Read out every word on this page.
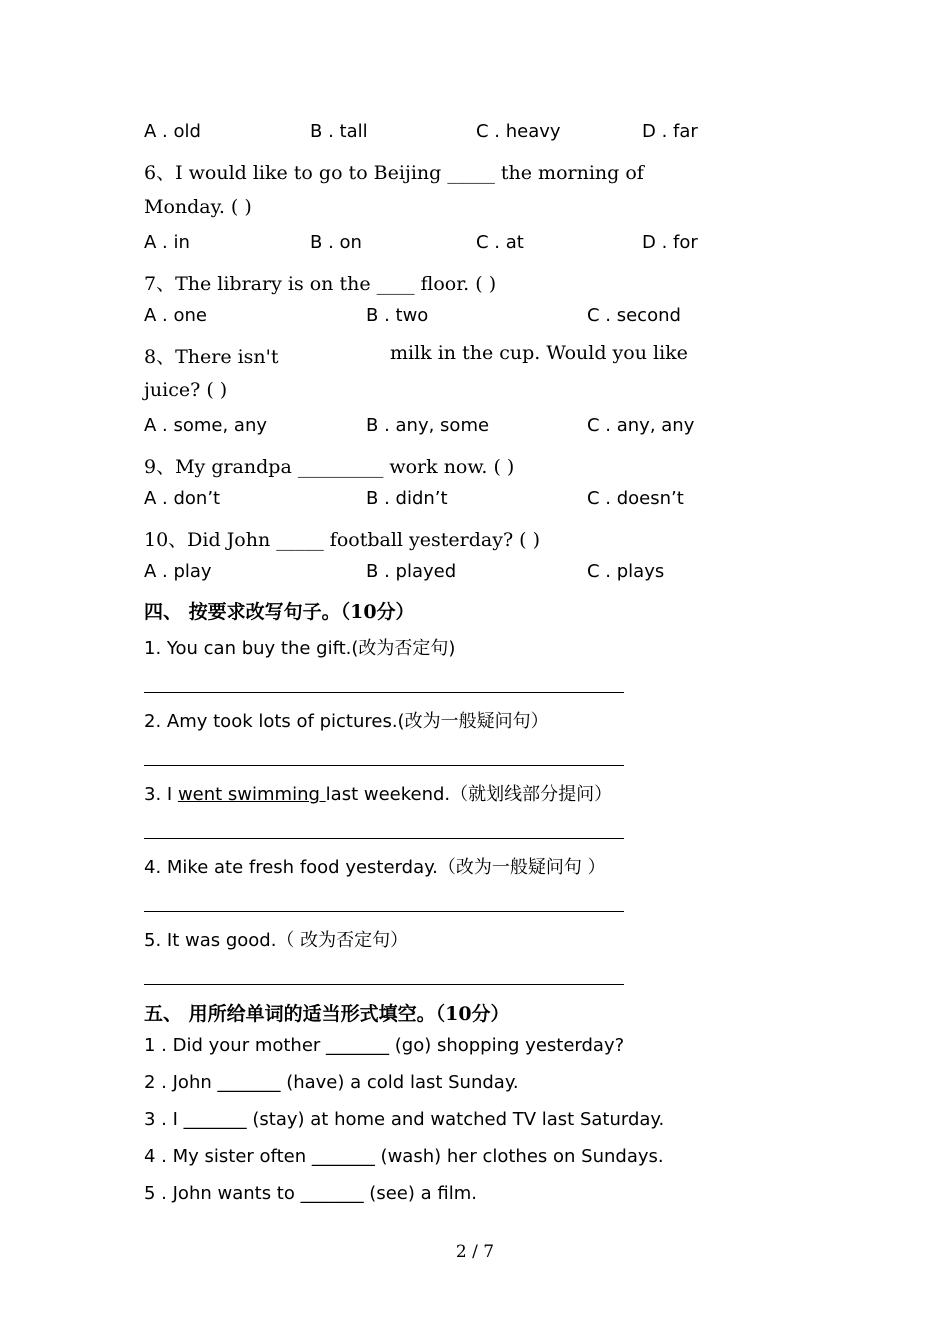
A . old	B . tall	C . heavy	D . far
6、I would like to go to Beijing _____ the morning of
Monday. ( )
A . in	B . on	C . at	D . for
7、The library is on the ____ floor. ( )
A . one	B . two	C . second
8、There isn't	milk in the cup. Would you like
juice? ( )
A . some, any	B . any, some	C . any, any
9、My grandpa _________ work now. ( )
A . don’t	B . didn’t	C . doesn’t
10、Did John _____ football yesterday? ( )
A . play	B . played	C . plays
四、 按要求改写句子。（10分）
1. You can buy the gift.(改为否定句)
2. Amy took lots of pictures.(改为一般疑问句）
3. I went swimming last weekend.（就划线部分提问）
4. Mike ate fresh food yesterday.（改为一般疑问句 ）
5. It was good.（ 改为否定句）
五、 用所给单词的适当形式填空。（10分）
1 . Did your mother _______ (go) shopping yesterday?
2 . John _______ (have) a cold last Sunday.
3 . I _______ (stay) at home and watched TV last Saturday.
4 . My sister often _______ (wash) her clothes on Sundays.
5 . John wants to _______ (see) a film.
2 / 7
